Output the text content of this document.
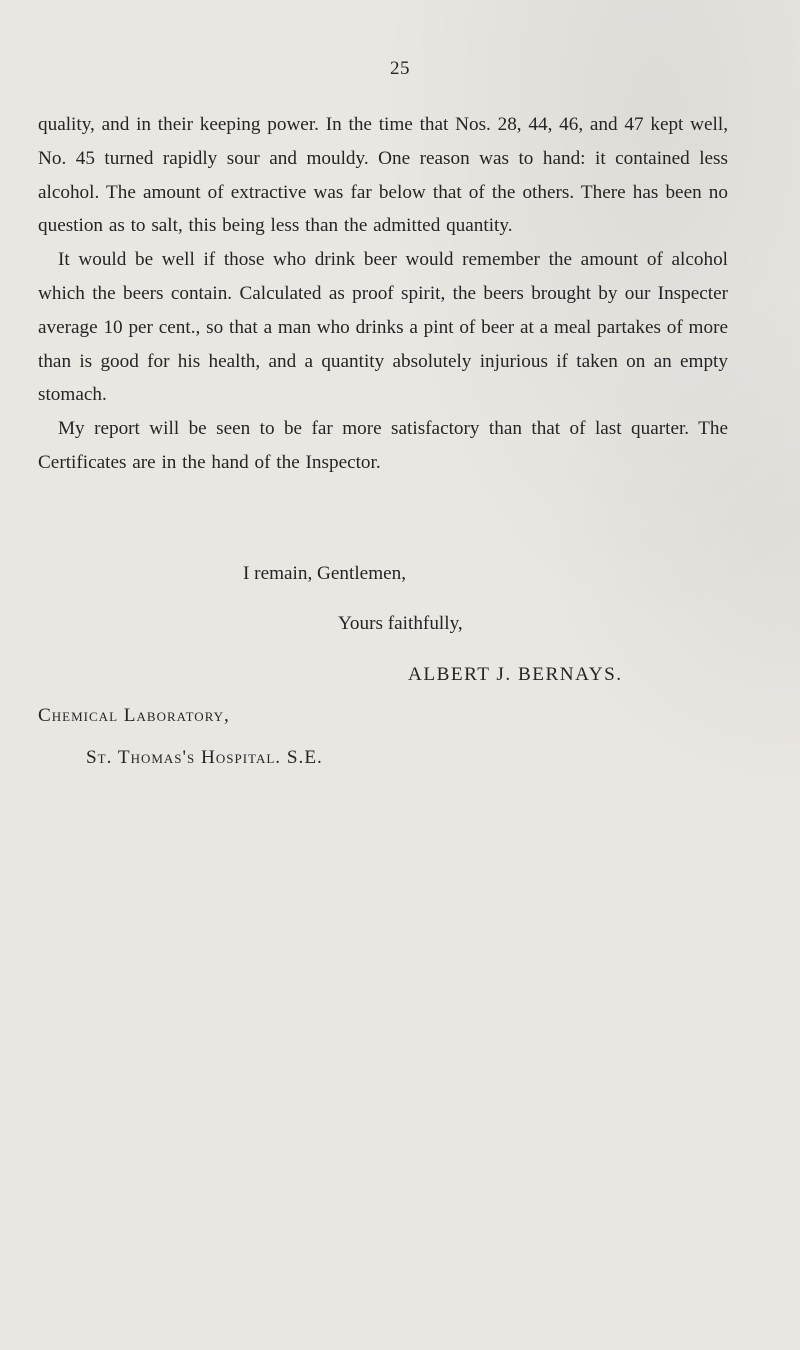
25

quality, and in their keeping power. In the time that Nos. 28, 44, 46, and 47 kept well, No. 45 turned rapidly sour and mouldy. One reason was to hand: it contained less alcohol. The amount of extractive was far below that of the others. There has been no question as to salt, this being less than the admitted quantity.

It would be well if those who drink beer would remember the amount of alcohol which the beers contain. Calculated as proof spirit, the beers brought by our Inspecter average 10 per cent., so that a man who drinks a pint of beer at a meal partakes of more than is good for his health, and a quantity absolutely injurious if taken on an empty stomach.

My report will be seen to be far more satisfactory than that of last quarter. The Certificates are in the hand of the Inspector.

I remain, Gentlemen,
Yours faithfully,
ALBERT J. BERNAYS.
Chemical Laboratory,
St. Thomas's Hospital. S.E.
